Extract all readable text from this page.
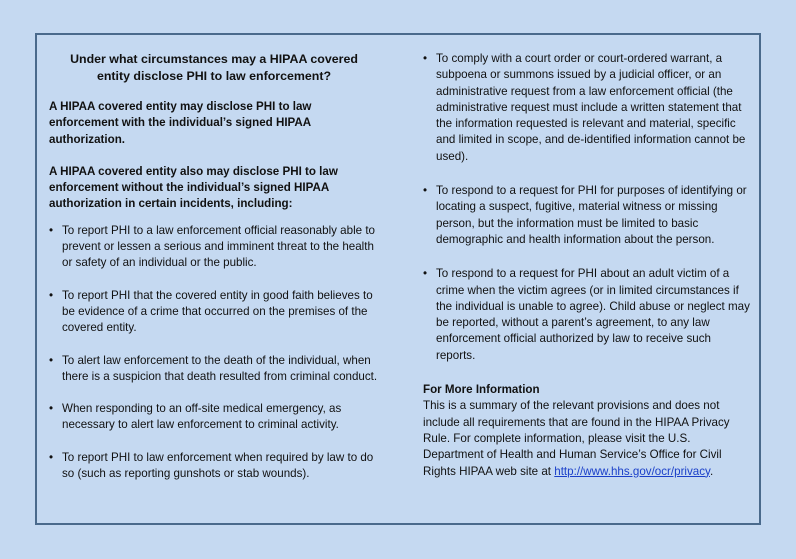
Under what circumstances may a HIPAA covered entity disclose PHI to law enforcement?
A HIPAA covered entity may disclose PHI to law enforcement with the individual’s signed HIPAA authorization.
A HIPAA covered entity also may disclose PHI to law enforcement without the individual’s signed HIPAA authorization in certain incidents, including:
• To report PHI to a law enforcement official reasonably able to prevent or lessen a serious and imminent threat to the health or safety of an individual or the public.
• To report PHI that the covered entity in good faith believes to be evidence of a crime that occurred on the premises of the covered entity.
• To alert law enforcement to the death of the individual, when there is a suspicion that death resulted from criminal conduct.
• When responding to an off-site medical emergency, as necessary to alert law enforcement to criminal activity.
• To report PHI to law enforcement when required by law to do so (such as reporting gunshots or stab wounds).
• To comply with a court order or court-ordered warrant, a subpoena or summons issued by a judicial officer, or an administrative request from a law enforcement official (the administrative request must include a written statement that the information requested is relevant and material, specific and limited in scope, and de-identified information cannot be used).
• To respond to a request for PHI for purposes of identifying or locating a suspect, fugitive, material witness or missing person, but the information must be limited to basic demographic and health information about the person.
• To respond to a request for PHI about an adult victim of a crime when the victim agrees (or in limited circumstances if the individual is unable to agree). Child abuse or neglect may be reported, without a parent’s agreement, to any law enforcement official authorized by law to receive such reports.
For More Information
This is a summary of the relevant provisions and does not include all requirements that are found in the HIPAA Privacy Rule. For complete information, please visit the U.S. Department of Health and Human Service’s Office for Civil Rights HIPAA web site at http://www.hhs.gov/ocr/privacy.
